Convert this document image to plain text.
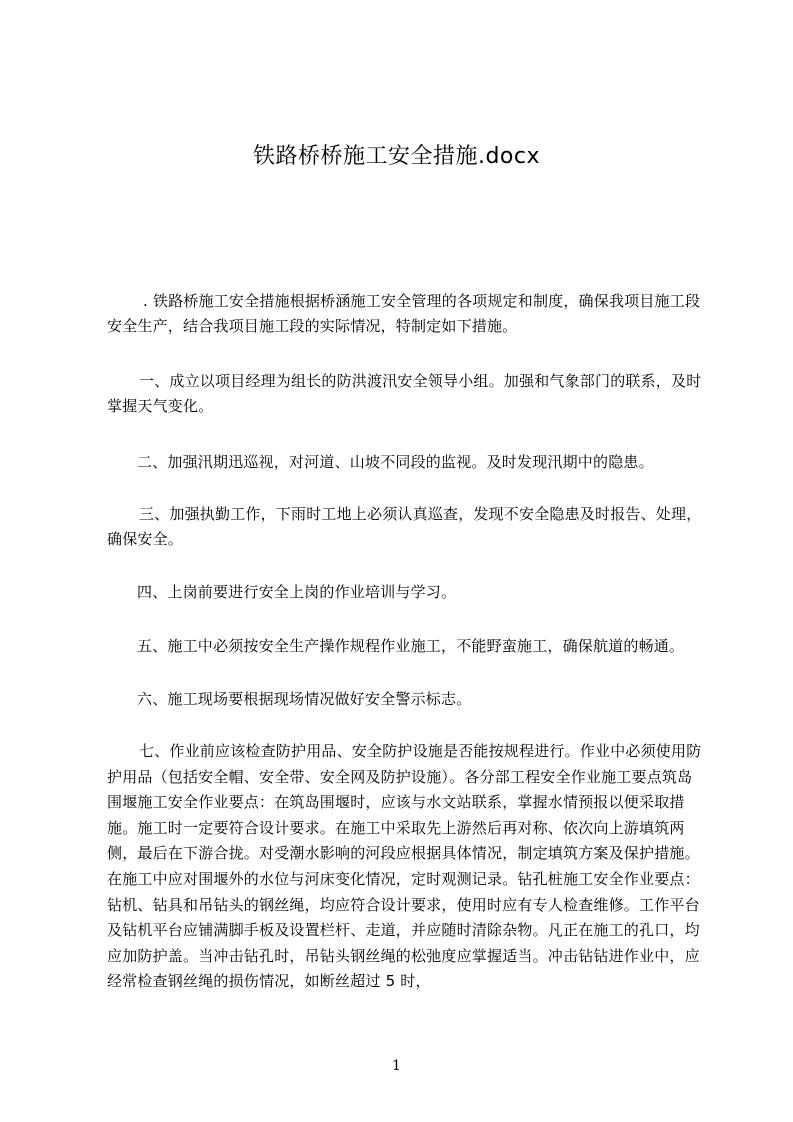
铁路桥桥施工安全措施.docx

. 铁路桥施工安全措施根据桥涵施工安全管理的各项规定和制度，确保我项目施工段安全生产，结合我项目施工段的实际情况，特制定如下措施。

一、成立以项目经理为组长的防洪渡汛安全领导小组。加强和气象部门的联系，及时掌握天气变化。

二、加强汛期迅巡视，对河道、山坡不同段的监视。及时发现汛期中的隐患。

三、加强执勤工作，下雨时工地上必须认真巡查，发现不安全隐患及时报告、处理，确保安全。

四、上岗前要进行安全上岗的作业培训与学习。

五、施工中必须按安全生产操作规程作业施工，不能野蛮施工，确保航道的畅通。

六、施工现场要根据现场情况做好安全警示标志。

七、作业前应该检查防护用品、安全防护设施是否能按规程进行。作业中必须使用防护用品（包括安全帽、安全带、安全网及防护设施）。各分部工程安全作业施工要点筑岛围堰施工安全作业要点：在筑岛围堰时，应该与水文站联系，掌握水情预报以便采取措施。施工时一定要符合设计要求。在施工中采取先上游然后再对称、依次向上游填筑两侧，最后在下游合拢。对受潮水影响的河段应根据具体情况，制定填筑方案及保护措施。在施工中应对围堰外的水位与河床变化情况，定时观测记录。钻孔桩施工安全作业要点：钻机、钻具和吊钻头的钢丝绳，均应符合设计要求，使用时应有专人检查维修。工作平台及钻机平台应铺满脚手板及设置栏杆、走道，并应随时清除杂物。凡正在施工的孔口，均应加防护盖。当冲击钻孔时，吊钻头钢丝绳的松弛度应掌握适当。冲击钻钻进作业中，应经常检查钢丝绳的损伤情况，如断丝超过 5 时，

1
